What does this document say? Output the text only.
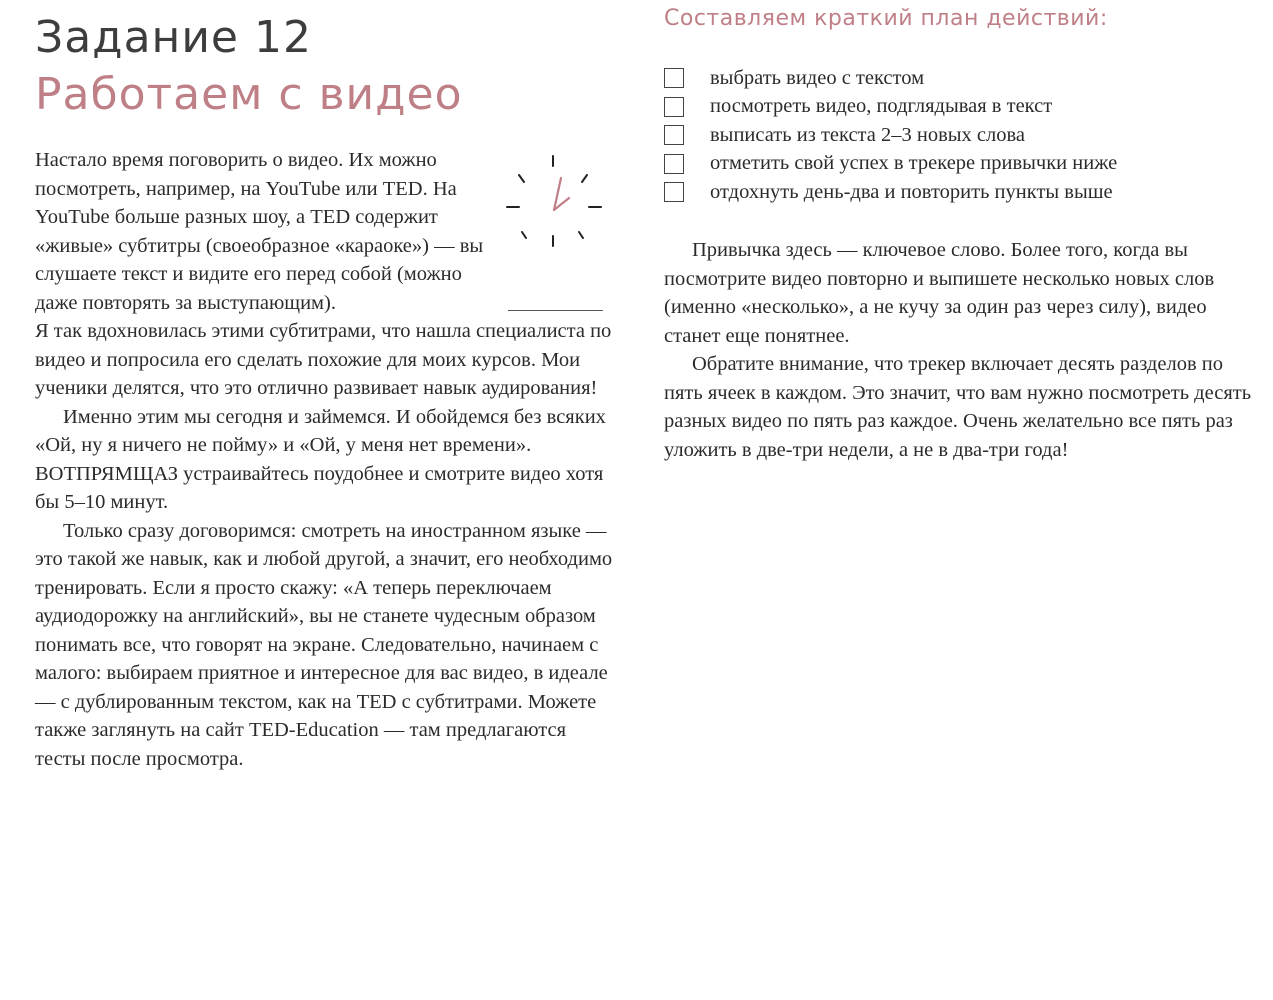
Задание 12
Работаем с видео

Настало время поговорить о видео. Их можно посмотреть, например, на YouTube или TED. На YouTube больше разных шоу, а TED содержит «живые» субтитры (своеобразное «караоке») — вы слушаете текст и видите его перед собой (можно даже повторять за выступающим).
Я так вдохновилась этими субтитрами, что нашла специалиста по видео и попросила его сделать похожие для моих курсов. Мои ученики делятся, что это отлично развивает навык аудирования!

Именно этим мы сегодня и займемся. И обойдемся без всяких «Ой, ну я ничего не пойму» и «Ой, у меня нет времени». ВОТПРЯМЩАЗ устраивайтесь поудобнее и смотрите видео хотя бы 5–10 минут.

Только сразу договоримся: смотреть на иностранном языке — это такой же навык, как и любой другой, а значит, его необходимо тренировать. Если я просто скажу: «А теперь переключаем аудиодорожку на английский», вы не станете чудесным образом понимать все, что говорят на экране. Следовательно, начинаем с малого: выбираем приятное и интересное для вас видео, в идеале — с дублированным текстом, как на TED с субтитрами. Можете также заглянуть на сайт TED-Education — там предлагаются тесты после просмотра.

Составляем краткий план действий:
выбрать видео с текстом
посмотреть видео, подглядывая в текст
выписать из текста 2–3 новых слова
отметить свой успех в трекере привычки ниже
отдохнуть день-два и повторить пункты выше

Привычка здесь — ключевое слово. Более того, когда вы посмотрите видео повторно и выпишете несколько новых слов (именно «несколько», а не кучу за один раз через силу), видео станет еще понятнее.

Обратите внимание, что трекер включает десять разделов по пять ячеек в каждом. Это значит, что вам нужно посмотреть десять разных видео по пять раз каждое. Очень желательно все пять раз уложить в две-три недели, а не в два-три года!
